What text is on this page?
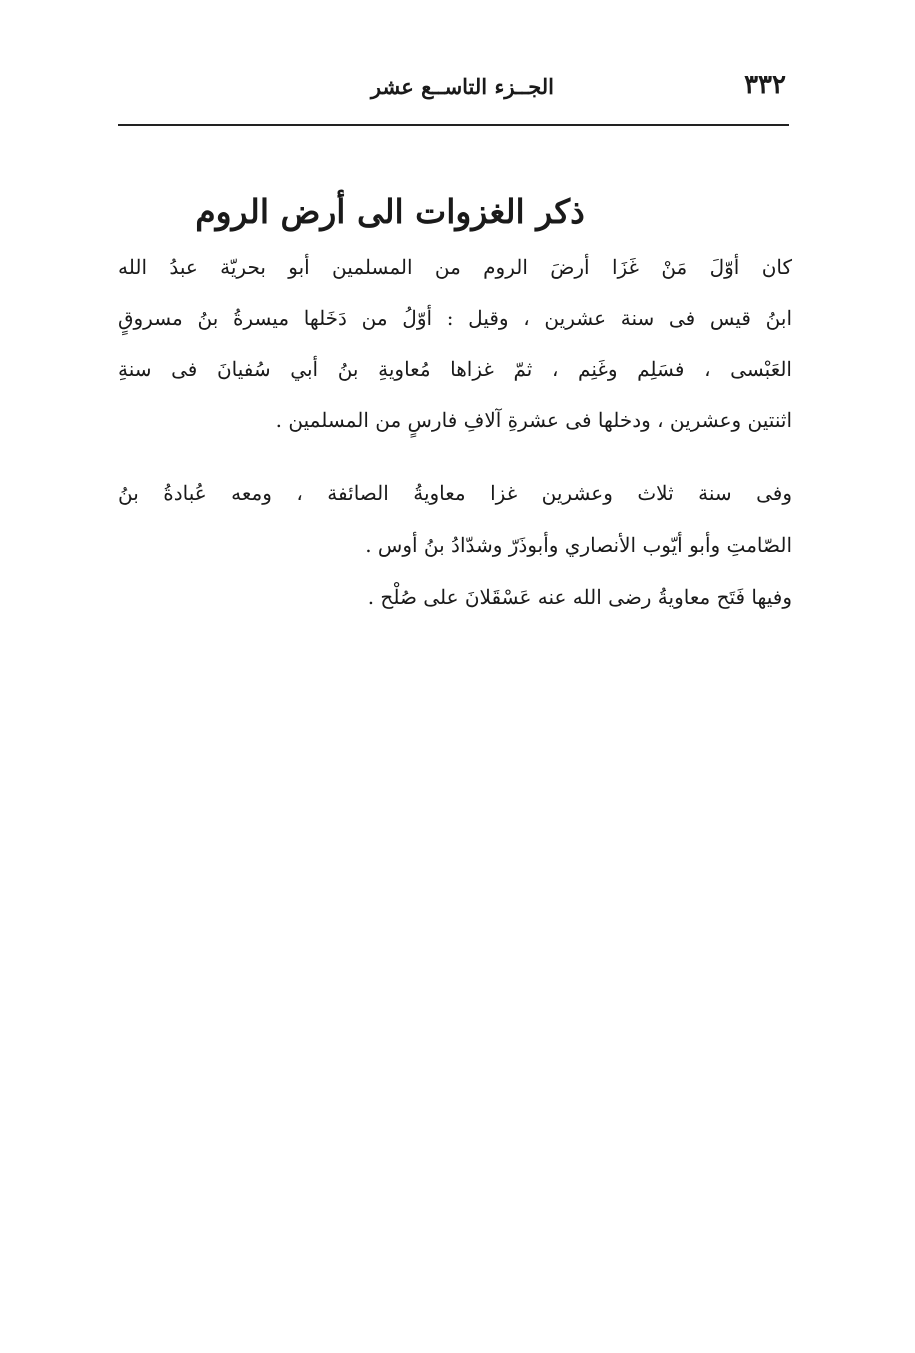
٣٣٢
الجــزء التاســع عشر
ذكر الغزوات الى أرض الروم
كان أوّلَ مَنْ غَزَا أرضَ الروم من المسلمين أبو بحريّة عبدُ الله
ابنُ قيس فى سنة عشرين ، وقيل : أوّلُ من دَخَلها ميسرةُ بنُ مسروقٍ
العَبْسى ، فسَلِم وغَنِم ، ثمّ غزاها مُعاويةِ بنُ أبي سُفيانَ فى سنةِ
اثنتين وعشرين ، ودخلها فى عشرةِ آلافِ فارسٍ من المسلمين .
وفى سنة ثلاث وعشرين غزا معاويةُ الصائفة ، ومعه عُبادةُ بنُ
الصّامتِ وأبو أيّوب الأنصاري وأبوذَرّ وشدّادُ بنُ أوس .
وفيها فَتَح معاويةُ رضى الله عنه عَسْقَلانَ على صُلْح .
